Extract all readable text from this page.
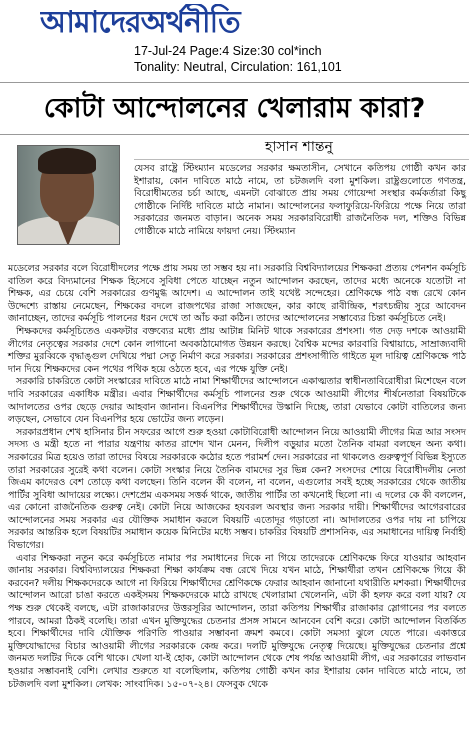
আমাদেরঅর্থনীতি
17-Jul-24 Page:4 Size:30 col*inch
Tonality: Neutral, Circulation: 161,101
কোটা আন্দোলনের খেলারাম কারা?
হাসান শান্তনু

যেসব রাষ্ট্রে স্টিংম্যান মডেলের সরকার ক্ষমতাসীন, সেখানে কতিপয় গোষ্ঠী কখন কার ইশারায়, কোন দাবিতে মাঠে নামে, তা চটজলদি বলা মুশকিল। রাষ্ট্রগুলোতে গণতন্ত্র, বিরোধীমতের চর্চা আছে, এমনটা বোঝাতে প্রায় সময় গোয়েন্দা সংস্থার কর্মকর্তারা কিছু গোষ্ঠীকে নির্দিষ্ট দাবিতে মাঠে নামান। আন্দোলনের ফলাফুরিয়ে-ফিরিয়ে পক্ষে নিয়ে তারা সরকারের জনমত বাড়ান। অনেক সময় সরকারবিরোধী রাজনৈতিক দল, শক্তিও বিভিন্ন গোষ্ঠীকে মাঠে নামিয়ে ফায়দা নেয়। স্টিংম্যান

মডেলের সরকার বলে বিরোধীদলের পক্ষে প্রায় সময় তা সম্ভব হয় না। সরকারি বিশ্ববিদ্যালয়ের শিক্ষকরা প্রত্যয় পেনশন কর্মসূচি বাতিল করে বিদ্যমানের শিক্ষক হিসেবে সুবিধা পেতে যাচ্ছেন নতুন আন্দোলন করছেন, তাদের মধ্যে অনেকে যতোটা না শিক্ষক, এর চেয়ে বেশি সরকারের গুণমুগ্ধ আদেশ। এ আন্দোলন তাই যথেষ্ট সন্দেহের। শ্রেণিকক্ষে পাঠ বন্ধ রেখে কোন উদ্দেশ্যে রাস্তায় নেমেছেন, শিক্ষকের বদলে রাজপথের রাজা সাজছেন, কার কাছে রাবীন্দ্রিক, শরৎচন্দ্রীয় সুরে আবেদন জানাচ্ছেন, তাদের কর্মসূচি পালনের ধরন দেখে তা আঁচ করা কঠিন। তাদের আন্দোলনের সম্ভাব্যের চিন্তা কর্মসূচিতে নেই।

শিক্ষকদের কর্মসূচিতেও একফটার বক্তব্যের মধ্যে প্রায় আটান্ন মিনিট থাকে সরকারের প্রশংসা। গত দেড় দশকে আওয়ামী লীগের নেতৃত্বের সরকার দেশে কোন লাগানো অবকাঠামোগত উন্নয়ন করছে। বৈশ্বিক মন্দের কারবারি বিশ্বায়াচে, সাম্রাজ্যবাদী শক্তির মুরব্বিকে বৃদ্ধাঙ্গুল দেখিয়ে পদ্মা সেতু নির্মাণ করে সরকার। সরকারের প্রশংসাগীতি গাইতে মূল দায়িত্ব শ্রেণিকক্ষে পাঠ দান দিয়ে শিক্ষকদের কেন পথের পথিক হয়ে ওঠতে হবে, এর পক্ষে যুক্তি নেই।

সরকারি চাকরিতে কোটা সংস্কারের দাবিতে মাঠে নামা শিক্ষার্থীদের আন্দোলনে একাত্মতার স্বাধীনতাবিরোধীরা মিশেছেন বলে দাবি সরকারের একাধিক মন্ত্রীর। এবার শিক্ষার্থীদের কর্মসূচি পালনের শুরু থেকে আওয়ামী লীগের শীর্ষনেতারা বিষয়টিকে আদালতের ওপর ছেড়ে দেয়ার আহবান জানান। বিএনপির শিক্ষার্থীদের উস্কানি দিচ্ছে, তারা যেভাবে কোটা বাতিলের জন্য লড়ছেন, সেভাবে যেন বিএনপির হয়ে ভোটের জন্য লড়েন।

সরকারপ্রধান শেখ হাসিনার চীন সফরের আগে শুরু হওয়া কোটাবিরোধী আন্দোলন নিয়ে আওয়ামী লীগের মিত্র আর সংসদ সদস্য ও মন্ত্রী হতে না পারার যন্ত্রণায় কাতর রাশেদ খান মেনন, দিলীপ বড়ুয়ার মতো তৈনিক বামরা বলছেন অন্য কথা। সরকারের মিত্র হয়েও তারা তাদের বিষয়ে সরকারকে কঠোর হতে পরামর্শ দেন। সরকারের না থাকলেও গুরুত্বপূর্ণ বিভিন্ন ইস্যুতে তারা সরকারের সুরেই কথা বলেন। কোটা সংস্কার নিয়ে তৈনিক বামদের সুর ভিন্ন কেন? সংসদের শোয়ে বিরোধীদলীয় নেতা জিএম কাদেরও বেশ তোড়ে কথা বলছেন। তিনি বলেন কী বলেন, না বলেন, এগুলোর সবই হচ্ছে সরকারের থেকে জাতীয় পার্টির সুবিধা আদায়ের লক্ষ্যে। দেশপ্রেম একসময় সত্তর্ক থাকে, জাতীয় পার্টির তা কখনোই ছিলো না। এ দলের কে কী বললেন, এর কোনো রাজনৈতিক গুরুত্ব নেই। কোটা নিয়ে আজকের হযবরল অবস্থার জন্য সরকার দায়ী। শিক্ষার্থীদের আগেরবারের আন্দোলনের সময় সরকার এর যৌক্তিক সমাধান করলে বিষয়টি এতোদূর গড়াতো না। আদালতের ওপর দায় না চাপিয়ে সরকার আন্তরিক হলে বিষয়টির সমাধান কয়েক মিনিটের মধ্যে সম্ভব। চাকরির বিষয়টি প্রশাসনিক, এর সমাধানের দায়িত্ব নির্বাহী বিভাগের।

এবার শিক্ষকরা নতুন করে কর্মসূচিতে নামার পর সমাধানের দিকে না গিয়ে তাদেরকে শ্রেণিকক্ষে ফিরে যাওয়ার আহবান জানায় সরকার। বিশ্ববিদ্যালয়ের শিক্ষকরা শিক্ষা কার্যক্রম বন্ধ রেখে দিয়ে যখন মাঠে, শিক্ষার্থীরা তখন শ্রেণিকক্ষে গিয়ে কী করবেন? দলীয় শিক্ষকদেরকে আগে না ফিরিয়ে শিক্ষার্থীদের শ্রেণিকক্ষে ফেরার আহবান জানানো যথারীতি মশকরা। শিক্ষার্থীদের আন্দোলন আরো চাঙা করতে একইসময় শিক্ষকদেরকে মাঠে রাখছে খেলারামা খেলেননি, এটা কী হলফ করে বলা যায়? যে পক্ষ শুরু থেকেই বলছে, এটা রাজাকারদের উত্তরসূরির আন্দোলন, তারা কতিপয় শিক্ষার্থীর রাজাকার স্লোগানের পর বলতে পারবে, আমরা ঠিকই বলেছি। তারা এখন মুক্তিযুদ্ধের চেতনার প্রসঙ্গ সামনে আনবেন বেশি করে। কোটা আন্দোলন বিতর্কিত হবে। শিক্ষার্থীদের দাবি যৌক্তিক পরিণতি পাওয়ার সম্ভাবনা ক্রমশ কমবে। কোটা সমস্যা ঝুলে যেতে পারে। একাত্তরে মুক্তিযোদ্ধাদের বিচার আওয়ামী লীগের সরকারকে কেন্দ্র করে। দলটি মুক্তিযুদ্ধে নেতৃত্ব দিয়েছে। মুক্তিযুদ্ধের চেতনার প্রশ্নে জনমত দলটির দিকে বেশি থাকে। খেলা যা-ই হোক, কোটা আন্দোলন থেকে শেষ পর্যন্ত আওয়ামী লীগ, এর সরকারের লাভবান হওয়ার সম্ভাবনাই বেশি। লেখার শুরুতে যা বলেছিলাম, কতিপয় গোষ্ঠী কখন কার ইশারায় কোন দাবিতে মাঠে নামে, তা চটজলদি বলা মুশকিল। লেখক: সাংবাদিক। ১৫-০৭-২৪। ফেসবুক থেকে
